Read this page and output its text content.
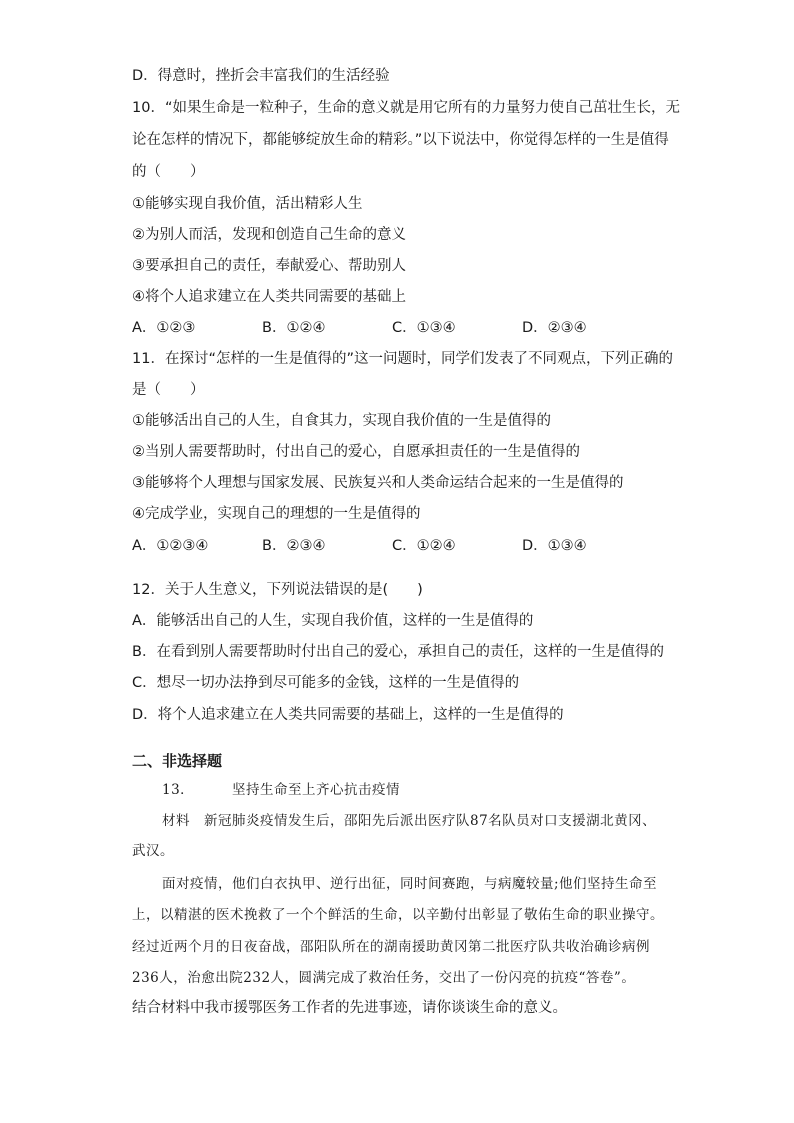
D．得意时，挫折会丰富我们的生活经验
10．“如果生命是一粒种子，生命的意义就是用它所有的力量努力使自己茁壮生长，无
论在怎样的情况下，都能够绽放生命的精彩。”以下说法中，你觉得怎样的一生是值得
的（　　）
①能够实现自我价值，活出精彩人生
②为别人而活，发现和创造自己生命的意义
③要承担自己的责任，奉献爱心、帮助别人
④将个人追求建立在人类共同需要的基础上
A．①②③	B．①②④	C．①③④	D．②③④
11．在探讨“怎样的一生是值得的”这一问题时，同学们发表了不同观点，下列正确的
是（　　）
①能够活出自己的人生，自食其力，实现自我价值的一生是值得的
②当别人需要帮助时，付出自己的爱心，自愿承担责任的一生是值得的
③能够将个人理想与国家发展、民族复兴和人类命运结合起来的一生是值得的
④完成学业，实现自己的理想的一生是值得的
A．①②③④	B．②③④	C．①②④	D．①③④
12．关于人生意义，下列说法错误的是(　　)
A．能够活出自己的人生，实现自我价值，这样的一生是值得的
B．在看到别人需要帮助时付出自己的爱心，承担自己的责任，这样的一生是值得的
C．想尽一切办法挣到尽可能多的金钱，这样的一生是值得的
D．将个人追求建立在人类共同需要的基础上，这样的一生是值得的
二、非选择题
13．	坚持生命至上齐心抗击疫情
材料　新冠肺炎疫情发生后，邵阳先后派出医疗队87名队员对口支援湖北黄冈、
武汉。
面对疫情，他们白衣执甲、逆行出征，同时间赛跑，与病魔较量;他们坚持生命至
上，以精湛的医术挽救了一个个鲜活的生命，以辛勤付出彰显了敬佑生命的职业操守。
经过近两个月的日夜奋战，邵阳队所在的湖南援助黄冈第二批医疗队共收治确诊病例
236人，治愈出院232人，圆满完成了救治任务，交出了一份闪亮的抗疫“答卷”。
结合材料中我市援鄂医务工作者的先进事迹，请你谈谈生命的意义。
